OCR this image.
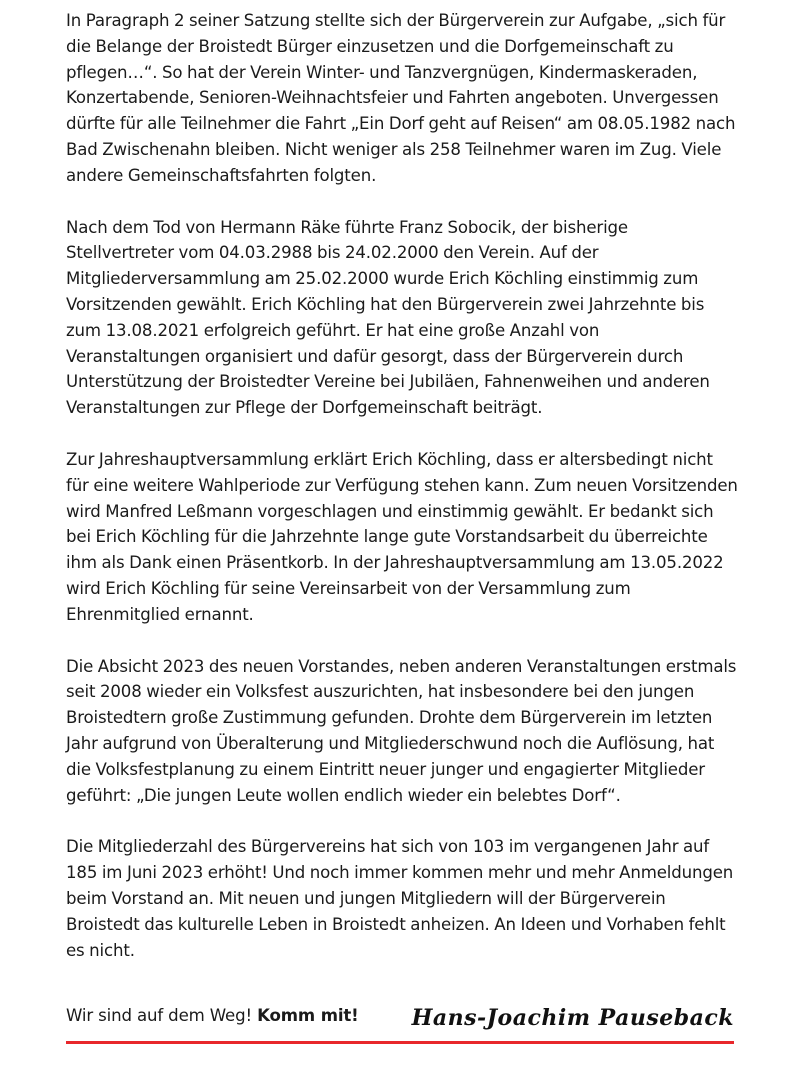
In Paragraph 2 seiner Satzung stellte sich der Bürgerverein zur Aufgabe, „sich für die Belange der Broistedt Bürger einzusetzen und die Dorfgemeinschaft zu pflegen…“. So hat der Verein Winter- und Tanzvergnügen, Kindermaskeraden, Konzertabende, Senioren-Weihnachtsfeier und Fahrten angeboten. Unvergessen dürfte für alle Teilnehmer die Fahrt „Ein Dorf geht auf Reisen“ am 08.05.1982 nach Bad Zwischenahn bleiben. Nicht weniger als 258 Teilnehmer waren im Zug. Viele andere Gemeinschaftsfahrten folgten.

Nach dem Tod von Hermann Räke führte Franz Sobocik, der bisherige Stellvertreter vom 04.03.2988 bis 24.02.2000 den Verein. Auf der Mitgliederversammlung am 25.02.2000 wurde Erich Köchling einstimmig zum Vorsitzenden gewählt. Erich Köchling hat den Bürgerverein zwei Jahrzehnte bis zum 13.08.2021 erfolgreich geführt. Er hat eine große Anzahl von Veranstaltungen organisiert und dafür gesorgt, dass der Bürgerverein durch Unterstützung der Broistedter Vereine bei Jubiläen, Fahnenweihen und anderen Veranstaltungen zur Pflege der Dorfgemeinschaft beiträgt.

Zur Jahreshauptversammlung erklärt Erich Köchling, dass er altersbedingt nicht für eine weitere Wahlperiode zur Verfügung stehen kann. Zum neuen Vorsitzenden wird Manfred Leßmann vorgeschlagen und einstimmig gewählt. Er bedankt sich bei Erich Köchling für die Jahrzehnte lange gute Vorstandsarbeit du überreichte ihm als Dank einen Präsentkorb. In der Jahreshauptversammlung am 13.05.2022 wird Erich Köchling für seine Vereinsarbeit von der Versammlung zum Ehrenmitglied ernannt.

Die Absicht 2023 des neuen Vorstandes, neben anderen Veranstaltungen erstmals seit 2008 wieder ein Volksfest auszurichten, hat insbesondere bei den jungen Broistedtern große Zustimmung gefunden. Drohte dem Bürgerverein im letzten Jahr aufgrund von Überalterung und Mitgliederschwund noch die Auflösung, hat die Volksfestplanung zu einem Eintritt neuer junger und engagierter Mitglieder geführt: „Die jungen Leute wollen endlich wieder ein belebtes Dorf“.

Die Mitgliederzahl des Bürgervereins hat sich von 103 im vergangenen Jahr auf 185 im Juni 2023 erhöht! Und noch immer kommen mehr und mehr Anmeldungen beim Vorstand an. Mit neuen und jungen Mitgliedern will der Bürgerverein Broistedt das kulturelle Leben in Broistedt anheizen. An Ideen und Vorhaben fehlt es nicht.

Wir sind auf dem Weg! Komm mit! Hans-Joachim Pauseback
